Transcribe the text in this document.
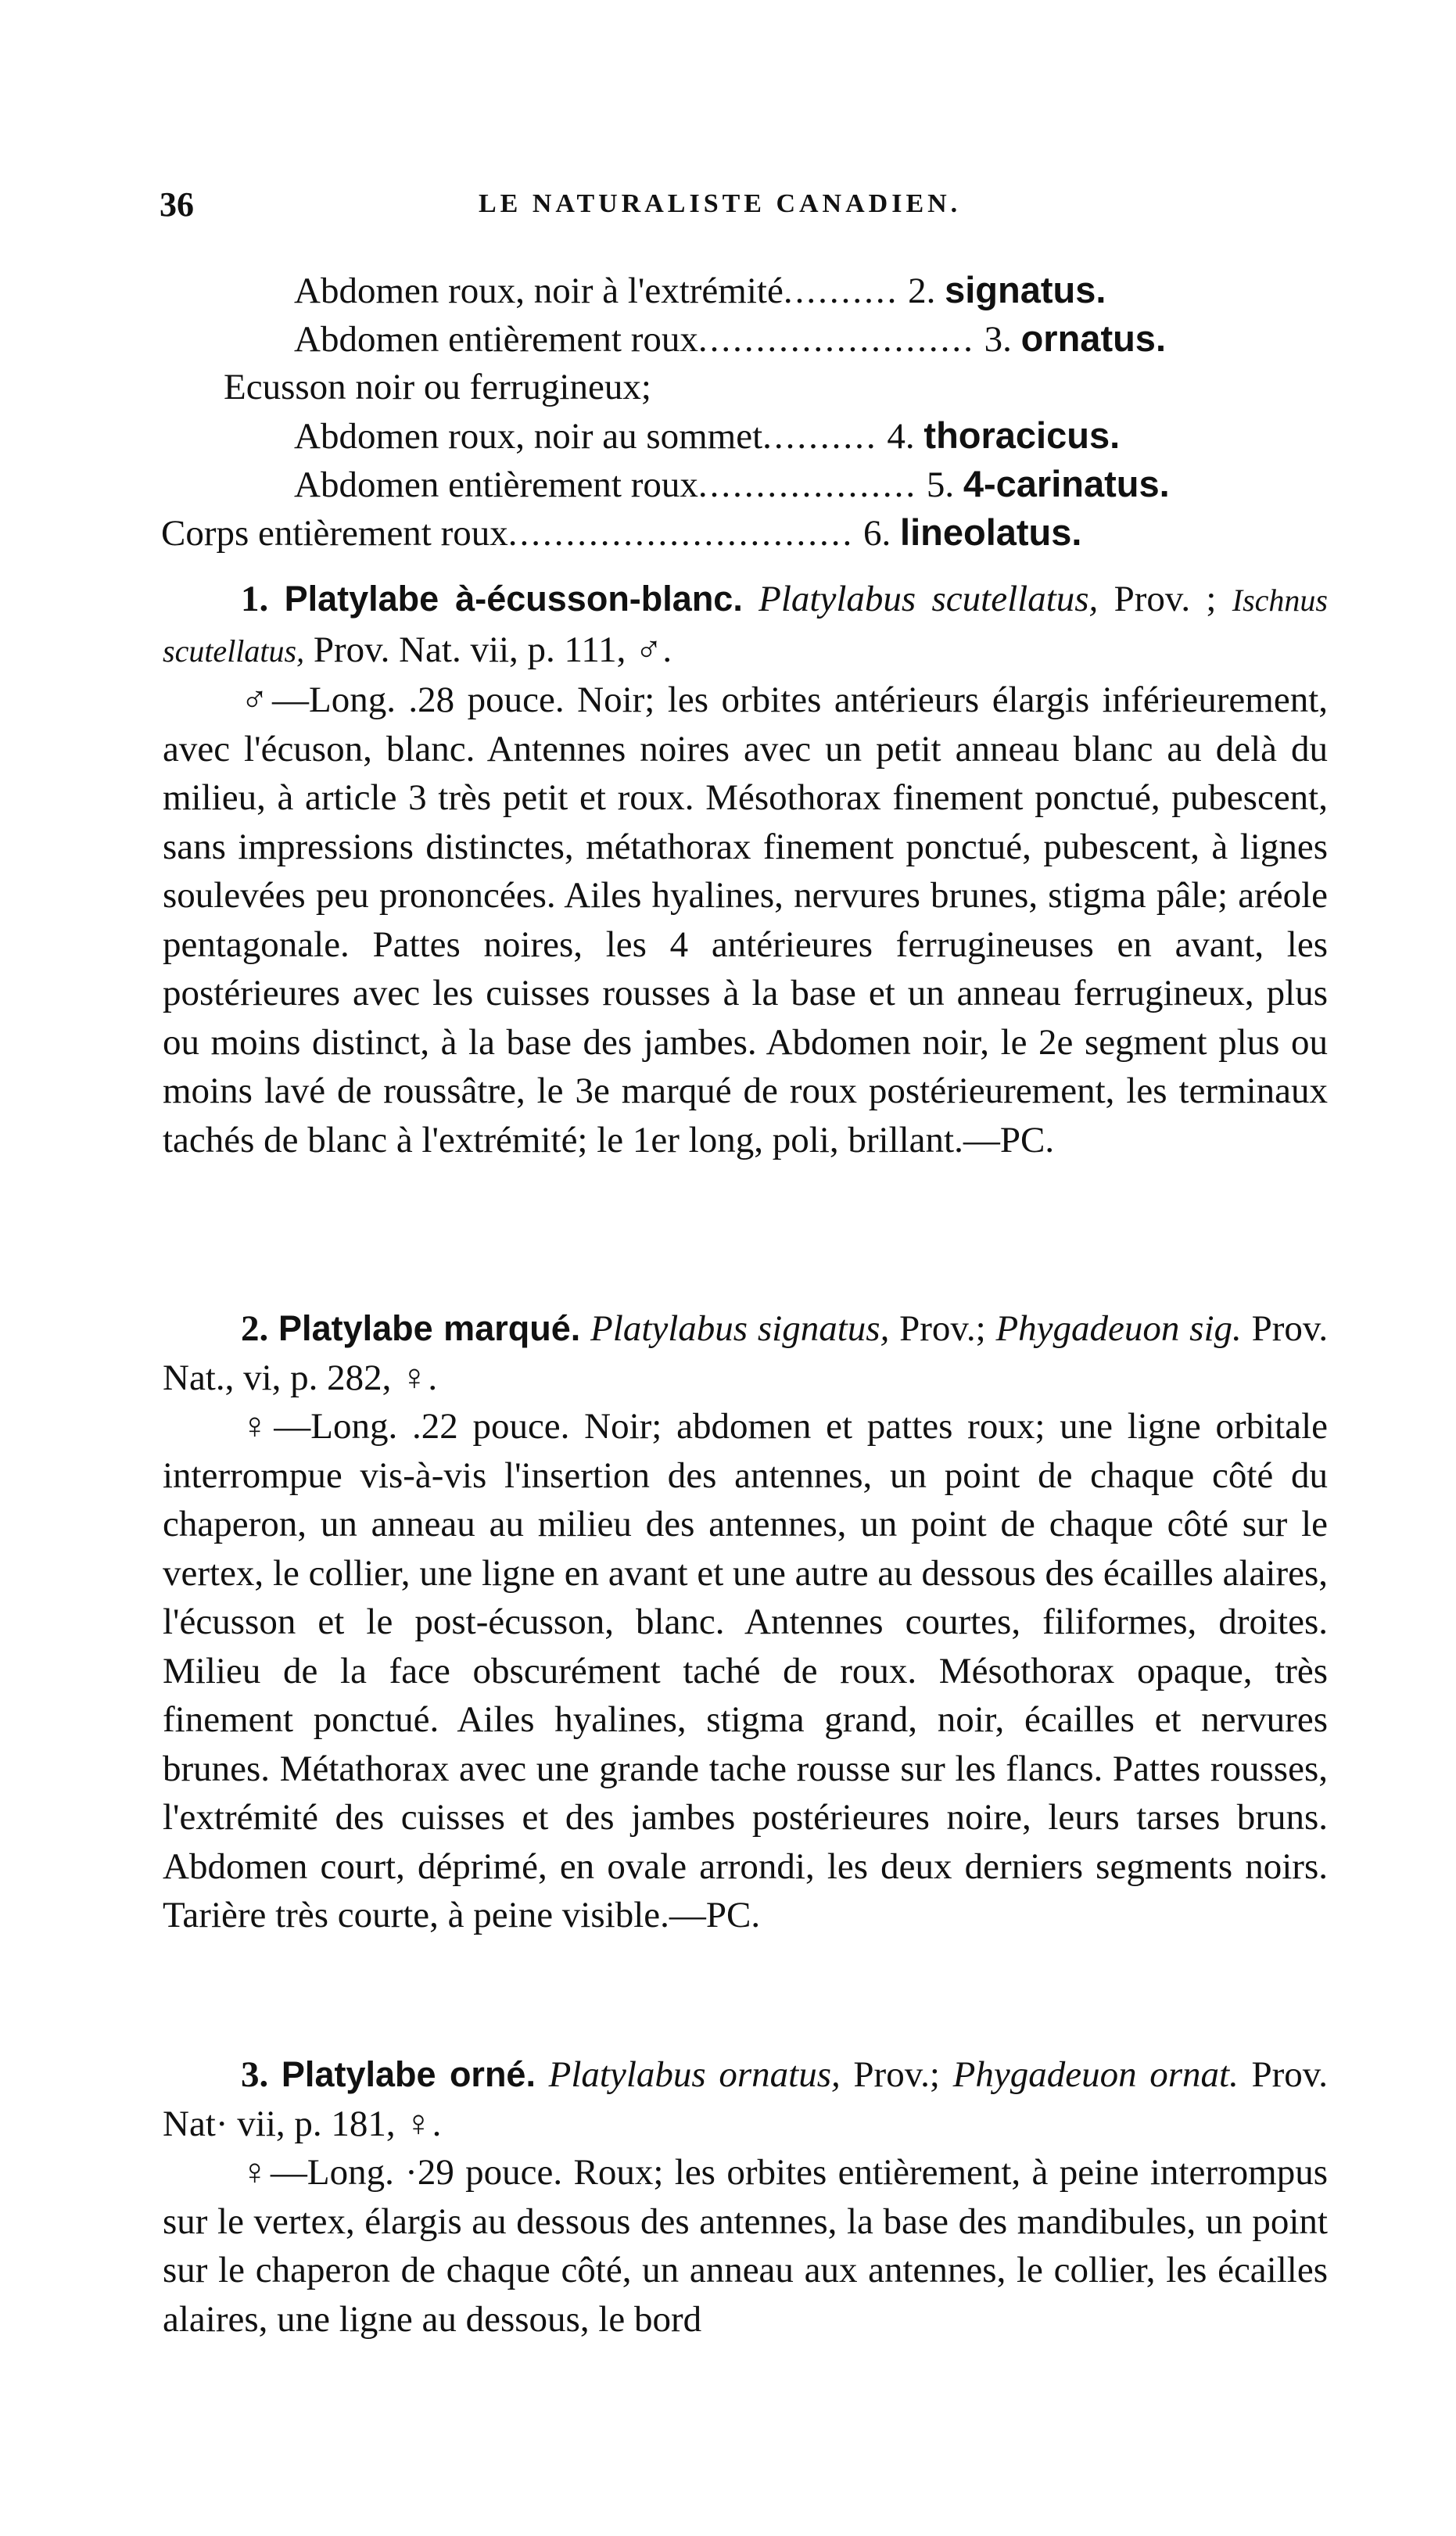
36	LE NATURALISTE CANADIEN.
Abdomen roux, noir à l'extrémité.......... 2. signatus.
Abdomen entièrement roux........................ 3. ornatus.
Ecusson noir ou ferrugineux;
Abdomen roux, noir au sommet.......... 4. thoracicus.
Abdomen entièrement roux................... 5. 4-carinatus.
Corps entièrement roux.............................. 6. lineolatus.

1. Platylabe à-écusson-blanc. Platylabus scutellatus, Prov. ; Ischnus scutellatus, Prov. Nat. vii, p. 111, ♂.

♂—Long. .28 pouce. Noir; les orbites antérieurs élargis inférieurement, avec l'écuson, blanc. Antennes noires avec un petit anneau blanc au delà du milieu, à article 3 très petit et roux. Mésothorax finement ponctué, pubescent, sans impressions distinctes, métathorax finement ponctué, pubescent, à lignes soulevées peu prononcées. Ailes hyalines, nervures brunes, stigma pâle; aréole pentagonale. Pattes noires, les 4 antérieures ferrugineuses en avant, les postérieures avec les cuisses rousses à la base et un anneau ferrugineux, plus ou moins distinct, à la base des jambes. Abdomen noir, le 2e segment plus ou moins lavé de roussâtre, le 3e marqué de roux postérieurement, les terminaux tachés de blanc à l'extrémité; le 1er long, poli, brillant.—PC.

2. Platylabe marqué. Platylabus signatus, Prov.; Phygadeuon sig. Prov. Nat., vi, p. 282, ♀.

♀—Long. .22 pouce. Noir; abdomen et pattes roux; une ligne orbitale interrompue vis-à-vis l'insertion des antennes, un point de chaque côté du chaperon, un anneau au milieu des antennes, un point de chaque côté sur le vertex, le collier, une ligne en avant et une autre au dessous des écailles alaires, l'écusson et le post-écusson, blanc. Antennes courtes, filiformes, droites. Milieu de la face obscurément taché de roux. Mésothorax opaque, très finement ponctué. Ailes hyalines, stigma grand, noir, écailles et nervures brunes. Métathorax avec une grande tache rousse sur les flancs. Pattes rousses, l'extrémité des cuisses et des jambes postérieures noire, leurs tarses bruns. Abdomen court, déprimé, en ovale arrondi, les deux derniers segments noirs. Tarière très courte, à peine visible.—PC.

3. Platylabe orné. Platylabus ornatus, Prov.; Phygadeuon ornat. Prov. Nat· vii, p. 181, ♀.

♀—Long. ·29 pouce. Roux; les orbites entièrement, à peine interrompus sur le vertex, élargis au dessous des antennes, la base des mandibules, un point sur le chaperon de chaque côté, un anneau aux antennes, le collier, les écailles alaires, une ligne au dessous, le bord
